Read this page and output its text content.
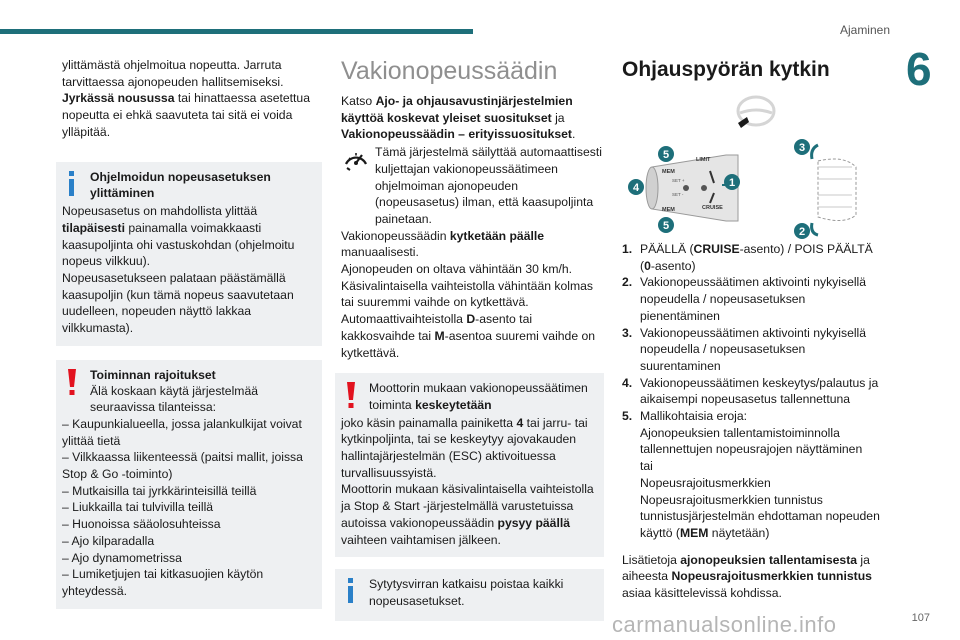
Ajaminen
6

ylittämästä ohjelmoitua nopeutta. Jarruta tarvittaessa ajonopeuden hallitsemiseksi.

Jyrkässä nousussa tai hinattaessa asetettua nopeutta ei ehkä saavuteta tai sitä ei voida ylläpitää.

Ohjelmoidun nopeusasetuksen ylittäminen

Nopeusasetus on mahdollista ylittää tilapäisesti painamalla voimakkaasti kaasupoljinta ohi vastuskohdan (ohjelmoitu nopeus vilkkuu).

Nopeusasetukseen palataan päästämällä kaasupoljin (kun tämä nopeus saavutetaan uudelleen, nopeuden näyttö lakkaa vilkkumasta).

Toiminnan rajoitukset

Älä koskaan käytä järjestelmää seuraavissa tilanteissa:

– Kaupunkialueella, jossa jalankulkijat voivat ylittää tietä

– Vilkkaassa liikenteessä (paitsi mallit, joissa Stop & Go -toiminto)

– Mutkaisilla tai jyrkkärinteisillä teillä

– Liukkailla tai tulvivilla teillä

– Huonoissa sääolosuhteissa

– Ajo kilparadalla

– Ajo dynamometrissa

– Lumiketjujen tai kitkasuojien käytön yhteydessä.

Vakionopeussäädin

Katso Ajo- ja ohjausavustinjärjestelmien käyttöä koskevat yleiset suositukset ja Vakionopeussäädin – erityissuositukset.

Tämä järjestelmä säilyttää automaattisesti kuljettajan vakionopeussäätimeen ohjelmoiman ajonopeuden (nopeusasetus) ilman, että kaasupoljinta painetaan.

Vakionopeussäädin kytketään päälle manuaalisesti.

Ajonopeuden on oltava vähintään 30 km/h.

Käsivalintaisella vaihteistolla vähintään kolmas tai suuremmi vaihde on kytkettävä.

Automaattivaihteistolla D-asento tai kakkosvaihde tai M-asentoa suuremi vaihde on kytkettävä.

Moottorin mukaan vakionopeussäätimen toiminta keskeytetään

joko käsin painamalla painiketta 4 tai jarru- tai kytkinpoljinta, tai se keskeytyy ajovakauden hallintajärjestelmän (ESC) aktivoituessa turvallisuussyistä.

Moottorin mukaan käsivalintaisella vaihteistolla ja Stop & Start -järjestelmällä varustetuissa autoissa vakionopeussäädin pysyy päällä vaihteen vaihtamisen jälkeen.

Sytytysvirran katkaisu poistaa kaikki nopeusasetukset.

Ohjauspyörän kytkin
MEM
LIMIT
CRUISE
MEM
SET +
SET -
5
4
5
1
3
2
1. PÄÄLLÄ (CRUISE-asento) / POIS PÄÄLTÄ (0-asento)
2. Vakionopeussäätimen aktivointi nykyisellä nopeudella / nopeusasetuksen pienentäminen
3. Vakionopeussäätimen aktivointi nykyisellä nopeudella / nopeusasetuksen suurentaminen
4. Vakionopeussäätimen keskeytys/palautus ja aikaisempi nopeusasetus tallennettuna
5. Mallikohtaisia eroja:
Ajonopeuksien tallentamistoiminnolla tallennettujen nopeusrajojen näyttäminen
tai
Nopeusrajoitusmerkkien
Nopeusrajoitusmerkkien tunnistus tunnistusjärjestelmän ehdottaman nopeuden käyttö (MEM näytetään)

Lisätietoja ajonopeuksien tallentamisesta ja aiheesta Nopeusrajoitusmerkkien tunnistus asiaa käsittelevissä kohdissa.

carmanualsonline.info	107
